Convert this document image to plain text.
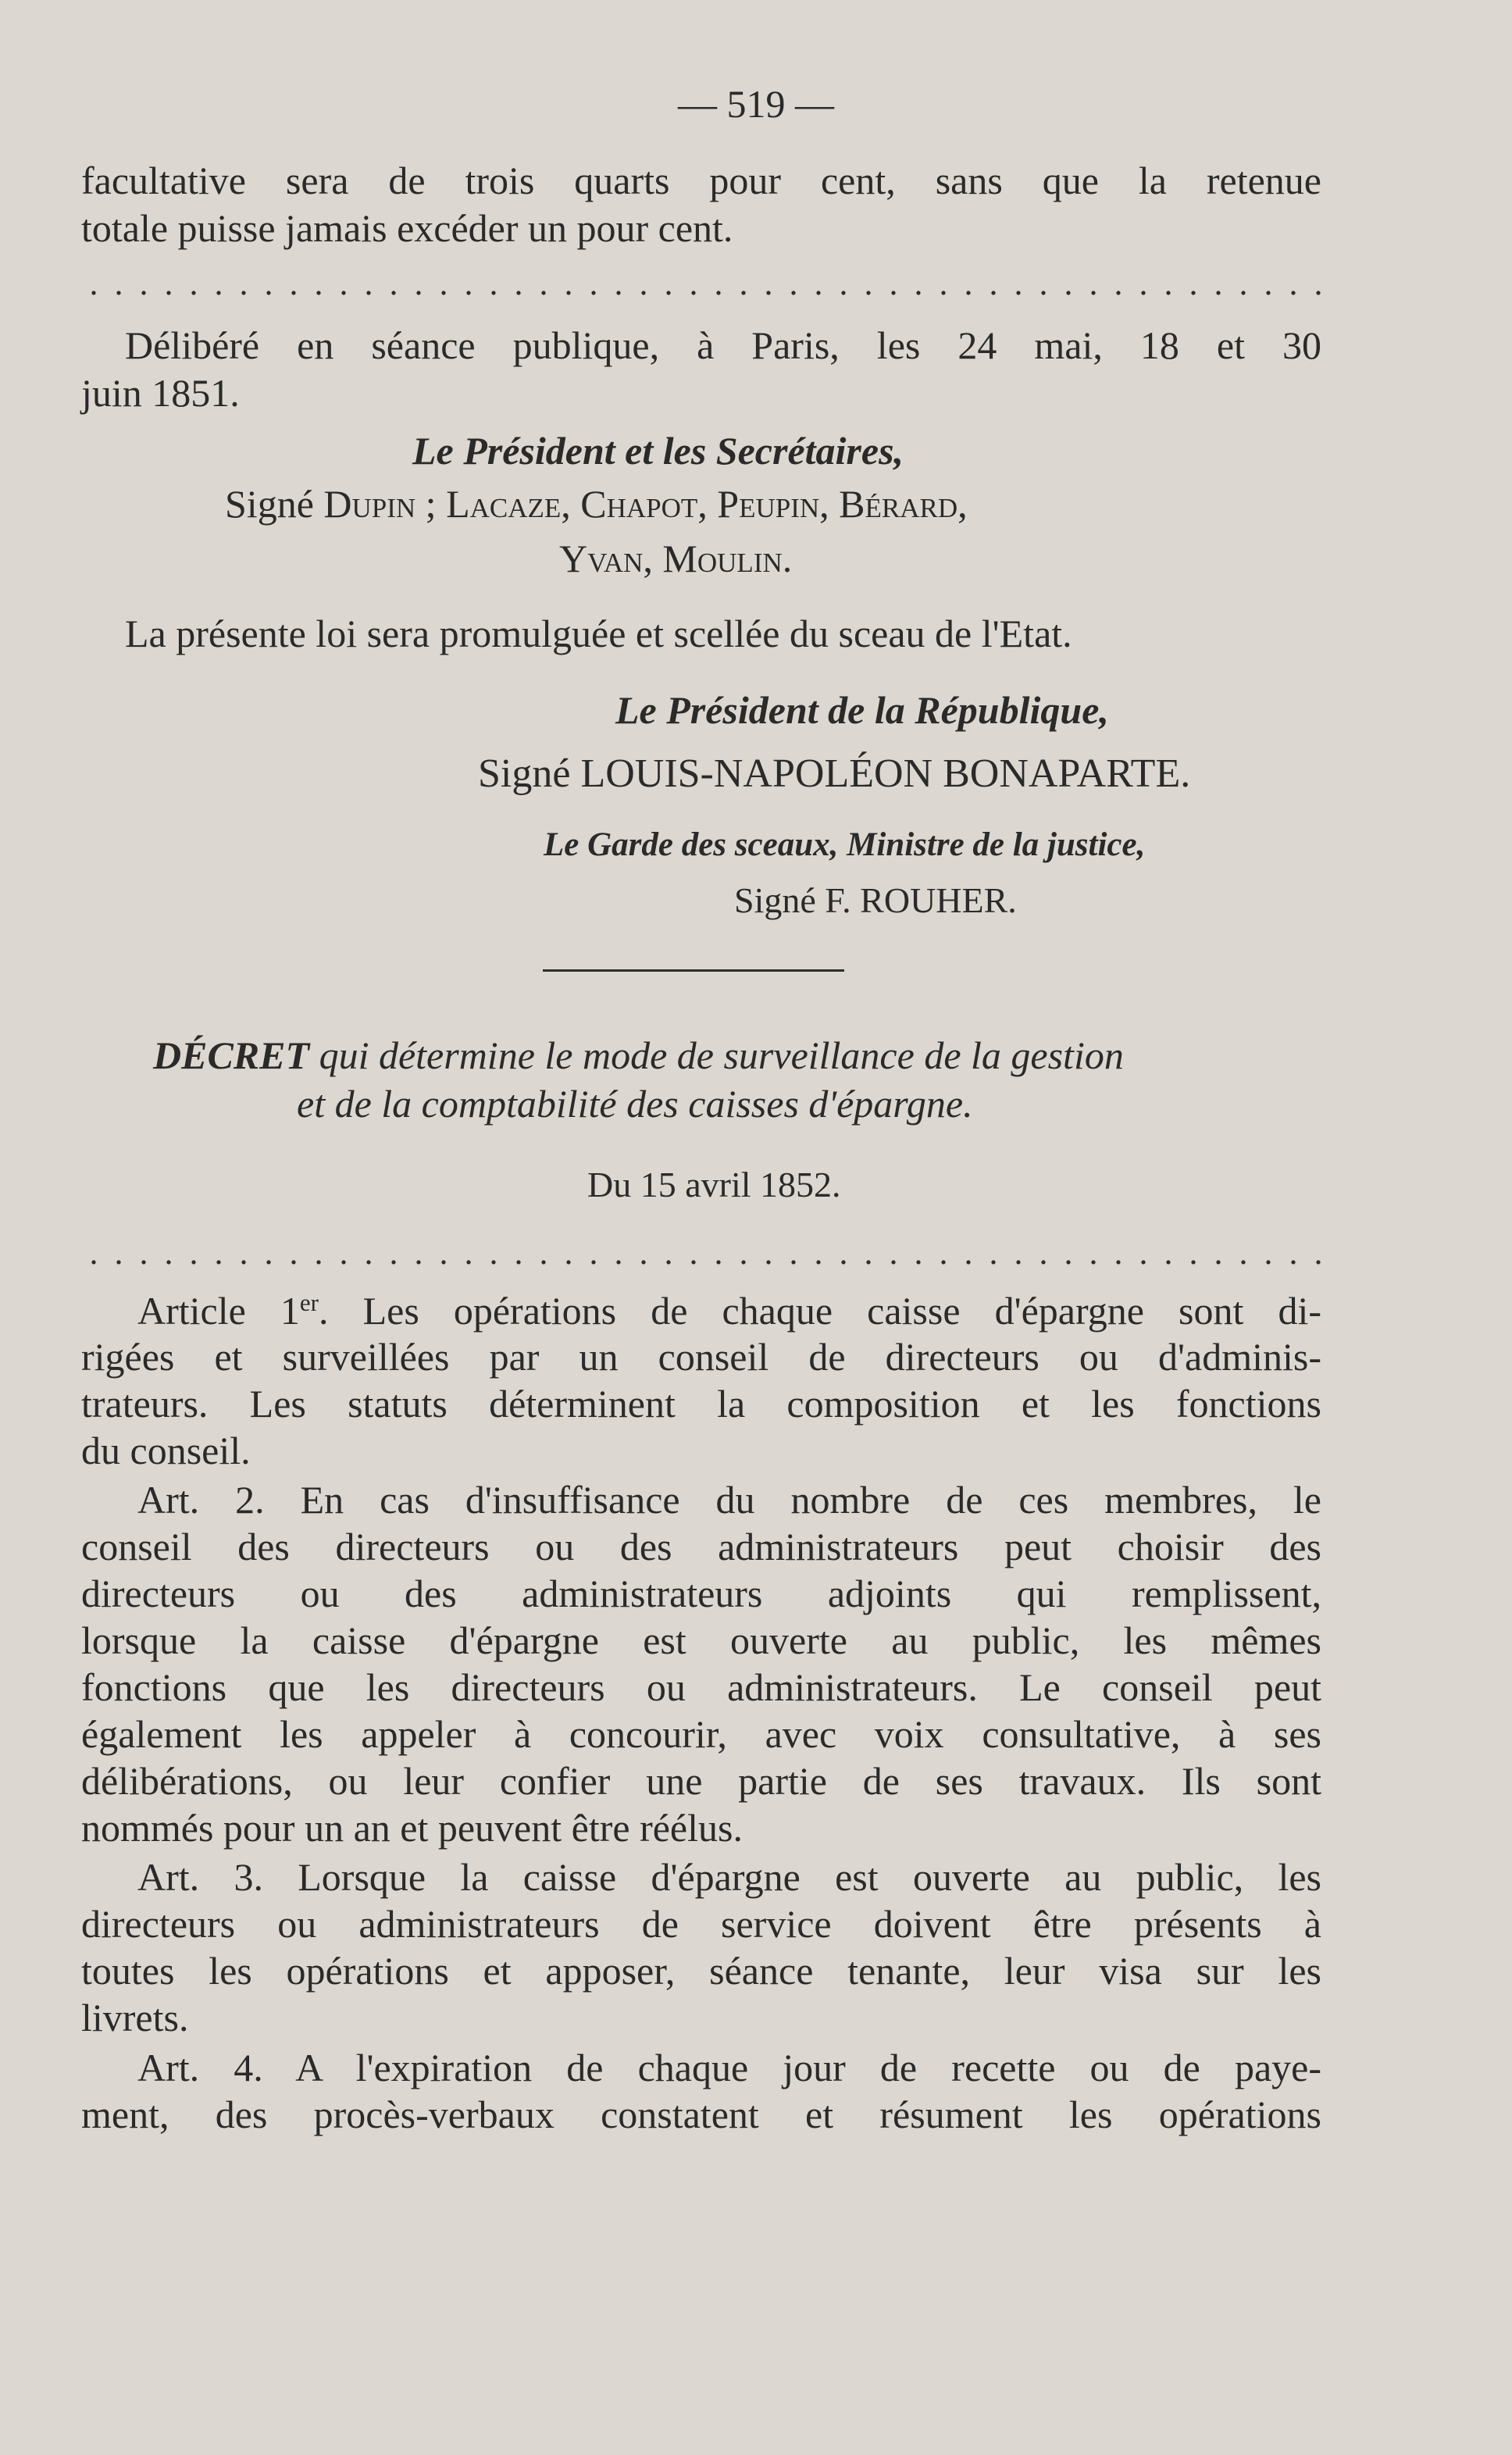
— 519 —
facultative sera de trois quarts pour cent, sans que la retenue
totale puisse jamais excéder un pour cent.
Délibéré en séance publique, à Paris, les 24 mai, 18 et 30
juin 1851.
Le Président et les Secrétaires,
Signé Dupin ; Lacaze, Chapot, Peupin, Bérard,
Yvan, Moulin.
La présente loi sera promulguée et scellée du sceau de l'Etat.
Le Président de la République,
Signé LOUIS-NAPOLÉON BONAPARTE.
Le Garde des sceaux, Ministre de la justice,
Signé F. ROUHER.
DÉCRET qui détermine le mode de surveillance de la gestion
et de la comptabilité des caisses d'épargne.
Du 15 avril 1852.
Article 1er. Les opérations de chaque caisse d'épargne sont di-
rigées et surveillées par un conseil de directeurs ou d'adminis-
trateurs. Les statuts déterminent la composition et les fonctions
du conseil.
Art. 2. En cas d'insuffisance du nombre de ces membres, le
conseil des directeurs ou des administrateurs peut choisir des
directeurs ou des administrateurs adjoints qui remplissent,
lorsque la caisse d'épargne est ouverte au public, les mêmes
fonctions que les directeurs ou administrateurs. Le conseil peut
également les appeler à concourir, avec voix consultative, à ses
délibérations, ou leur confier une partie de ses travaux. Ils sont
nommés pour un an et peuvent être réélus.
Art. 3. Lorsque la caisse d'épargne est ouverte au public, les
directeurs ou administrateurs de service doivent être présents à
toutes les opérations et apposer, séance tenante, leur visa sur les
livrets.
Art. 4. A l'expiration de chaque jour de recette ou de paye-
ment, des procès-verbaux constatent et résument les opérations
